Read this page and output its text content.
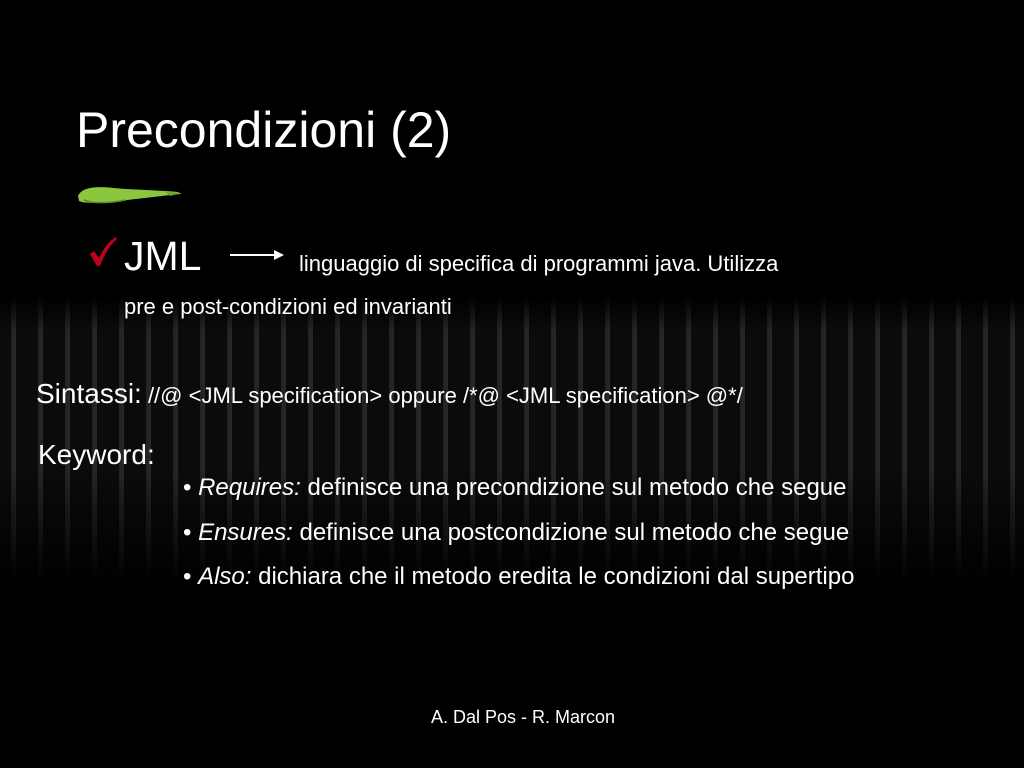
Precondizioni (2)
JML	linguaggio di specifica di programmi java. Utilizza
pre e post-condizioni ed invarianti
Sintassi: //@ <JML specification> oppure /*@ <JML specification> @*/
Keyword:
• Requires: definisce una precondizione sul metodo che segue
• Ensures: definisce una postcondizione sul metodo che segue
• Also: dichiara che il metodo eredita le condizioni dal supertipo
A. Dal Pos - R. Marcon
